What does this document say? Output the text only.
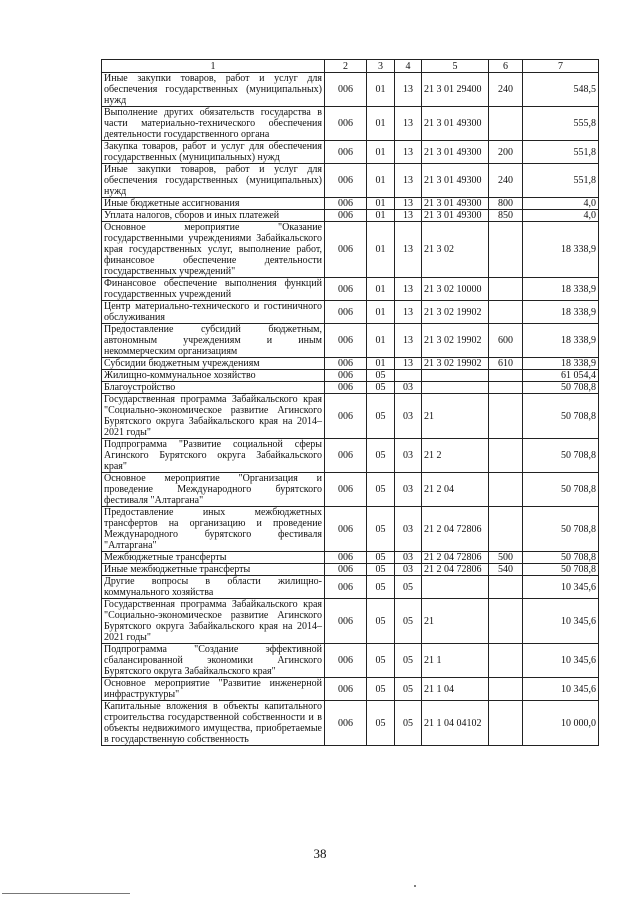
1	2	3	4	5	6	7
Иные закупки товаров, работ и услуг для обеспечения государственных (муниципальных) нужд	006	01	13	21 3 01 29400	240	548,5
Выполнение других обязательств государства в части материально-технического обеспечения деятельности государственного органа	006	01	13	21 3 01 49300		555,8
Закупка товаров, работ и услуг для обеспечения государственных (муниципальных) нужд	006	01	13	21 3 01 49300	200	551,8
Иные закупки товаров, работ и услуг для обеспечения государственных (муниципальных) нужд	006	01	13	21 3 01 49300	240	551,8
Иные бюджетные ассигнования	006	01	13	21 3 01 49300	800	4,0
Уплата налогов, сборов и иных платежей	006	01	13	21 3 01 49300	850	4,0
Основное мероприятие "Оказание государственными учреждениями Забайкальского края государственных услуг, выполнение работ, финансовое обеспечение деятельности государственных учреждений"	006	01	13	21 3 02		18 338,9
Финансовое обеспечение выполнения функций государственных учреждений	006	01	13	21 3 02 10000		18 338,9
Центр материально-технического и гостиничного обслуживания	006	01	13	21 3 02 19902		18 338,9
Предоставление субсидий бюджетным, автономным учреждениям и иным некоммерческим организациям	006	01	13	21 3 02 19902	600	18 338,9
Субсидии бюджетным учреждениям	006	01	13	21 3 02 19902	610	18 338,9
Жилищно-коммунальное хозяйство	006	05				61 054,4
Благоустройство	006	05	03			50 708,8
Государственная программа Забайкальского края "Социально-экономическое развитие Агинского Бурятского округа Забайкальского края на 2014–2021 годы"	006	05	03	21		50 708,8
Подпрограмма "Развитие социальной сферы Агинского Бурятского округа Забайкальского края"	006	05	03	21 2		50 708,8
Основное мероприятие "Организация и проведение Международного бурятского фестиваля "Алтаргана"	006	05	03	21 2 04		50 708,8
Предоставление иных межбюджетных трансфертов на организацию и проведение Международного бурятского фестиваля "Алтаргана"	006	05	03	21 2 04 72806		50 708,8
Межбюджетные трансферты	006	05	03	21 2 04 72806	500	50 708,8
Иные межбюджетные трансферты	006	05	03	21 2 04 72806	540	50 708,8
Другие вопросы в области жилищно-коммунального хозяйства	006	05	05			10 345,6
Государственная программа Забайкальского края "Социально-экономическое развитие Агинского Бурятского округа Забайкальского края на 2014–2021 годы"	006	05	05	21		10 345,6
Подпрограмма "Создание эффективной сбалансированной экономики Агинского Бурятского округа Забайкальского края"	006	05	05	21 1		10 345,6
Основное мероприятие "Развитие инженерной инфраструктуры"	006	05	05	21 1 04		10 345,6
Капитальные вложения в объекты капитального строительства государственной собственности и в объекты недвижимого имущества, приобретаемые в государственную собственность	006	05	05	21 1 04 04102		10 000,0
38
